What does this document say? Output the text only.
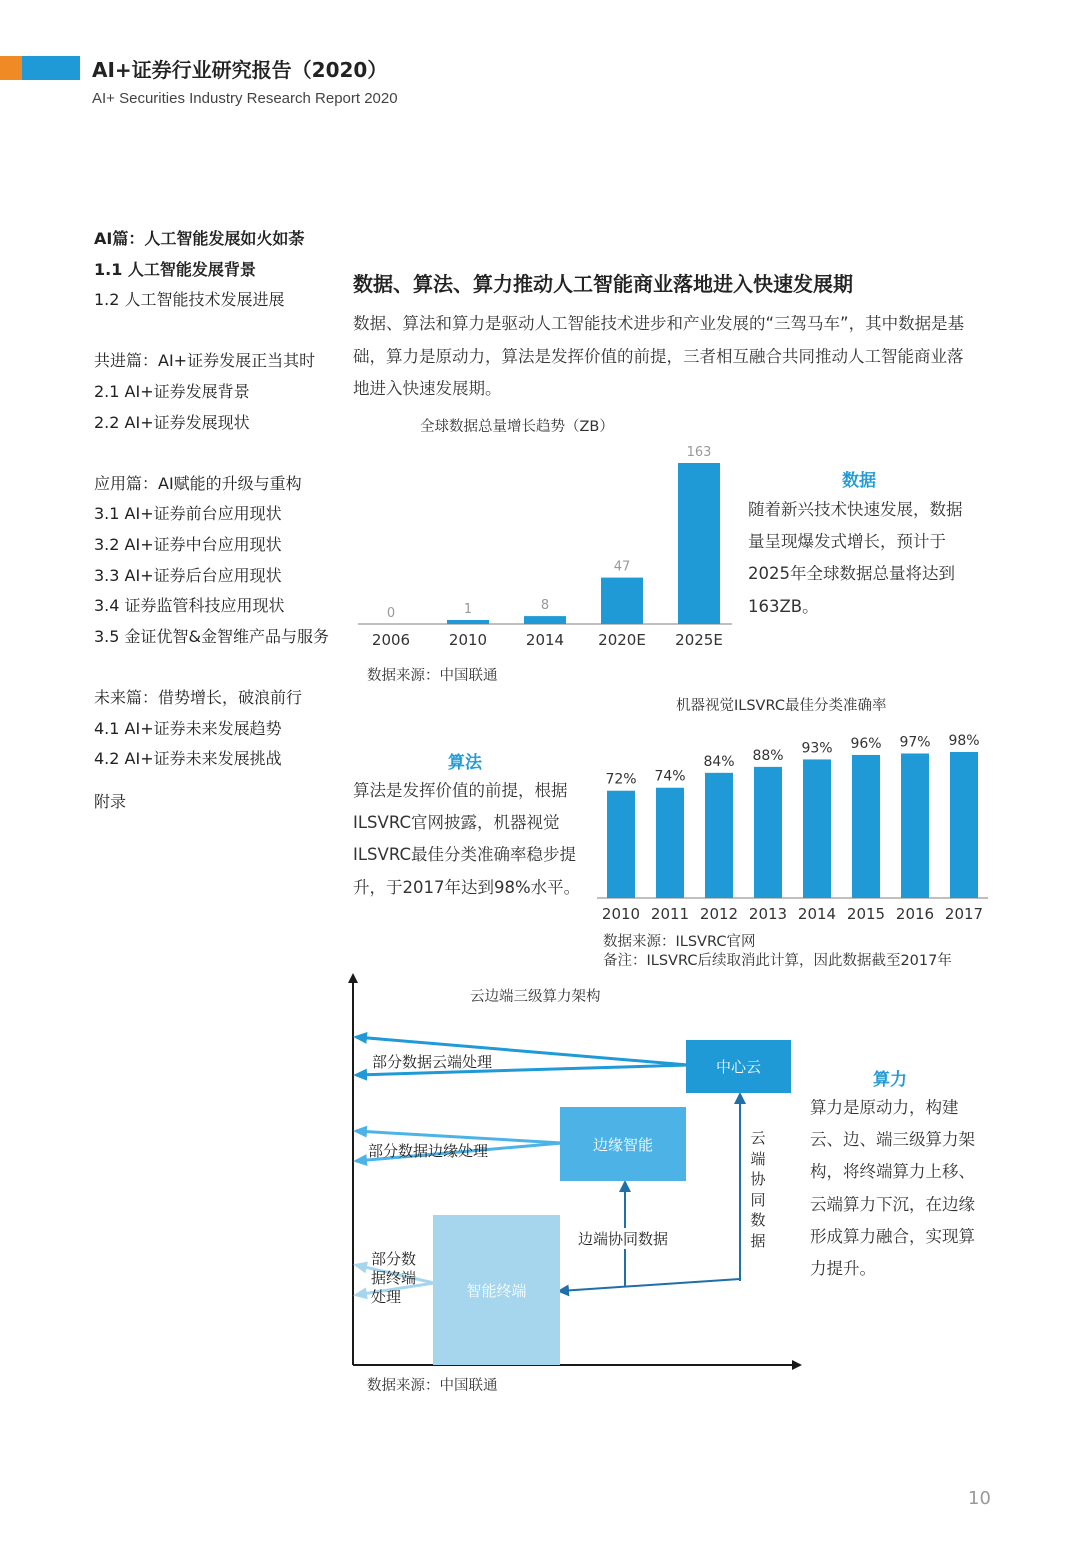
AI+证券行业研究报告（2020）
AI+ Securities Industry Research Report 2020
AI篇：人工智能发展如火如荼
1.1 人工智能发展背景
1.2 人工智能技术发展进展
共进篇：AI+证券发展正当其时
2.1 AI+证券发展背景
2.2 AI+证券发展现状
应用篇：AI赋能的升级与重构
3.1 AI+证券前台应用现状
3.2 AI+证券中台应用现状
3.3 AI+证券后台应用现状
3.4 证券监管科技应用现状
3.5 金证优智&金智维产品与服务
未来篇：借势增长，破浪前行
4.1 AI+证券未来发展趋势
4.2 AI+证券未来发展挑战
附录
数据、算法、算力推动人工智能商业落地进入快速发展期
数据、算法和算力是驱动人工智能技术进步和产业发展的“三驾马车”，其中数据是基础，算力是原动力，算法是发挥价值的前提，三者相互融合共同推动人工智能商业落地进入快速发展期。
全球数据总量增长趋势（ZB）
0
2006
1
2010
8
2014
47
2020E
163
2025E
数据来源：中国联通
数据
随着新兴技术快速发展，数据量呈现爆发式增长，预计于2025年全球数据总量将达到163ZB。
机器视觉ILSVRC最佳分类准确率
72%
2010
74%
2011
84%
2012
88%
2013
93%
2014
96%
2015
97%
2016
98%
2017
数据来源：ILSVRC官网
备注：ILSVRC后续取消此计算，因此数据截至2017年
算法
算法是发挥价值的前提，根据ILSVRC官网披露，机器视觉ILSVRC最佳分类准确率稳步提升，于2017年达到98%水平。
云边端三级算力架构
中心云
边缘智能
智能终端
部分数据云端处理
部分数据边缘处理
部分数
据终端
处理
边端协同数据
云
端
协
同
数
据
数据来源：中国联通
算力
算力是原动力，构建云、边、端三级算力架构，将终端算力上移、云端算力下沉，在边缘形成算力融合，实现算力提升。
10
